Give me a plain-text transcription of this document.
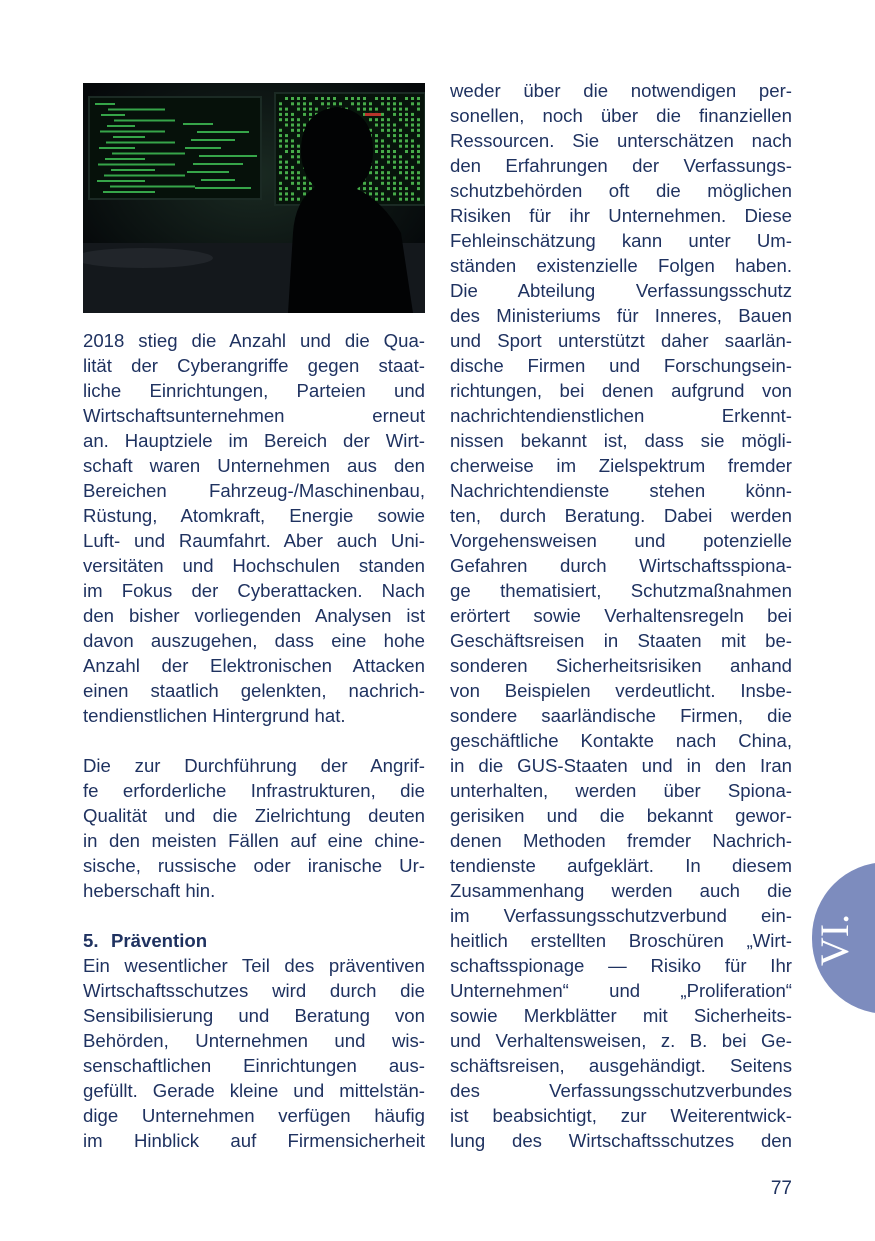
2018 stieg die Anzahl und die Qua-
lität der Cyberangriffe gegen staat-
liche Einrichtungen, Parteien und
Wirtschaftsunternehmen erneut
an. Hauptziele im Bereich der Wirt-
schaft waren Unternehmen aus den
Bereichen Fahrzeug-/Maschinenbau,
Rüstung, Atomkraft, Energie sowie
Luft- und Raumfahrt. Aber auch Uni-
versitäten und Hochschulen standen
im Fokus der Cyberattacken. Nach
den bisher vorliegenden Analysen ist
davon auszugehen, dass eine hohe
Anzahl der Elektronischen Attacken
einen staatlich gelenkten, nachrich-
tendienstlichen Hintergrund hat.
Die zur Durchführung der Angrif-
fe erforderliche Infrastrukturen, die
Qualität und die Zielrichtung deuten
in den meisten Fällen auf eine chine-
sische, russische oder iranische Ur-
heberschaft hin.
5. Prävention
Ein wesentlicher Teil des präventiven
Wirtschaftsschutzes wird durch die
Sensibilisierung und Beratung von
Behörden, Unternehmen und wis-
senschaftlichen Einrichtungen aus-
gefüllt. Gerade kleine und mittelstän-
dige Unternehmen verfügen häufig
im Hinblick auf Firmensicherheit
weder über die notwendigen per-
sonellen, noch über die finanziellen
Ressourcen. Sie unterschätzen nach
den Erfahrungen der Verfassungs-
schutzbehörden oft die möglichen
Risiken für ihr Unternehmen. Diese
Fehleinschätzung kann unter Um-
ständen existenzielle Folgen haben.
Die Abteilung Verfassungsschutz
des Ministeriums für Inneres, Bauen
und Sport unterstützt daher saarlän-
dische Firmen und Forschungsein-
richtungen, bei denen aufgrund von
nachrichtendienstlichen Erkennt-
nissen bekannt ist, dass sie mögli-
cherweise im Zielspektrum fremder
Nachrichtendienste stehen könn-
ten, durch Beratung. Dabei werden
Vorgehensweisen und potenzielle
Gefahren durch Wirtschaftsspiona-
ge thematisiert, Schutzmaßnahmen
erörtert sowie Verhaltensregeln bei
Geschäftsreisen in Staaten mit be-
sonderen Sicherheitsrisiken anhand
von Beispielen verdeutlicht. Insbe-
sondere saarländische Firmen, die
geschäftliche Kontakte nach China,
in die GUS-Staaten und in den Iran
unterhalten, werden über Spiona-
gerisiken und die bekannt gewor-
denen Methoden fremder Nachrich-
tendienste aufgeklärt. In diesem
Zusammenhang werden auch die
im Verfassungsschutzverbund ein-
heitlich erstellten Broschüren „Wirt-
schaftsspionage — Risiko für Ihr
Unternehmen“ und „Proliferation“
sowie Merkblätter mit Sicherheits-
und Verhaltensweisen, z. B. bei Ge-
schäftsreisen, ausgehändigt. Seitens
des Verfassungsschutzverbundes
ist beabsichtigt, zur Weiterentwick-
lung des Wirtschaftsschutzes den
VI.
77
